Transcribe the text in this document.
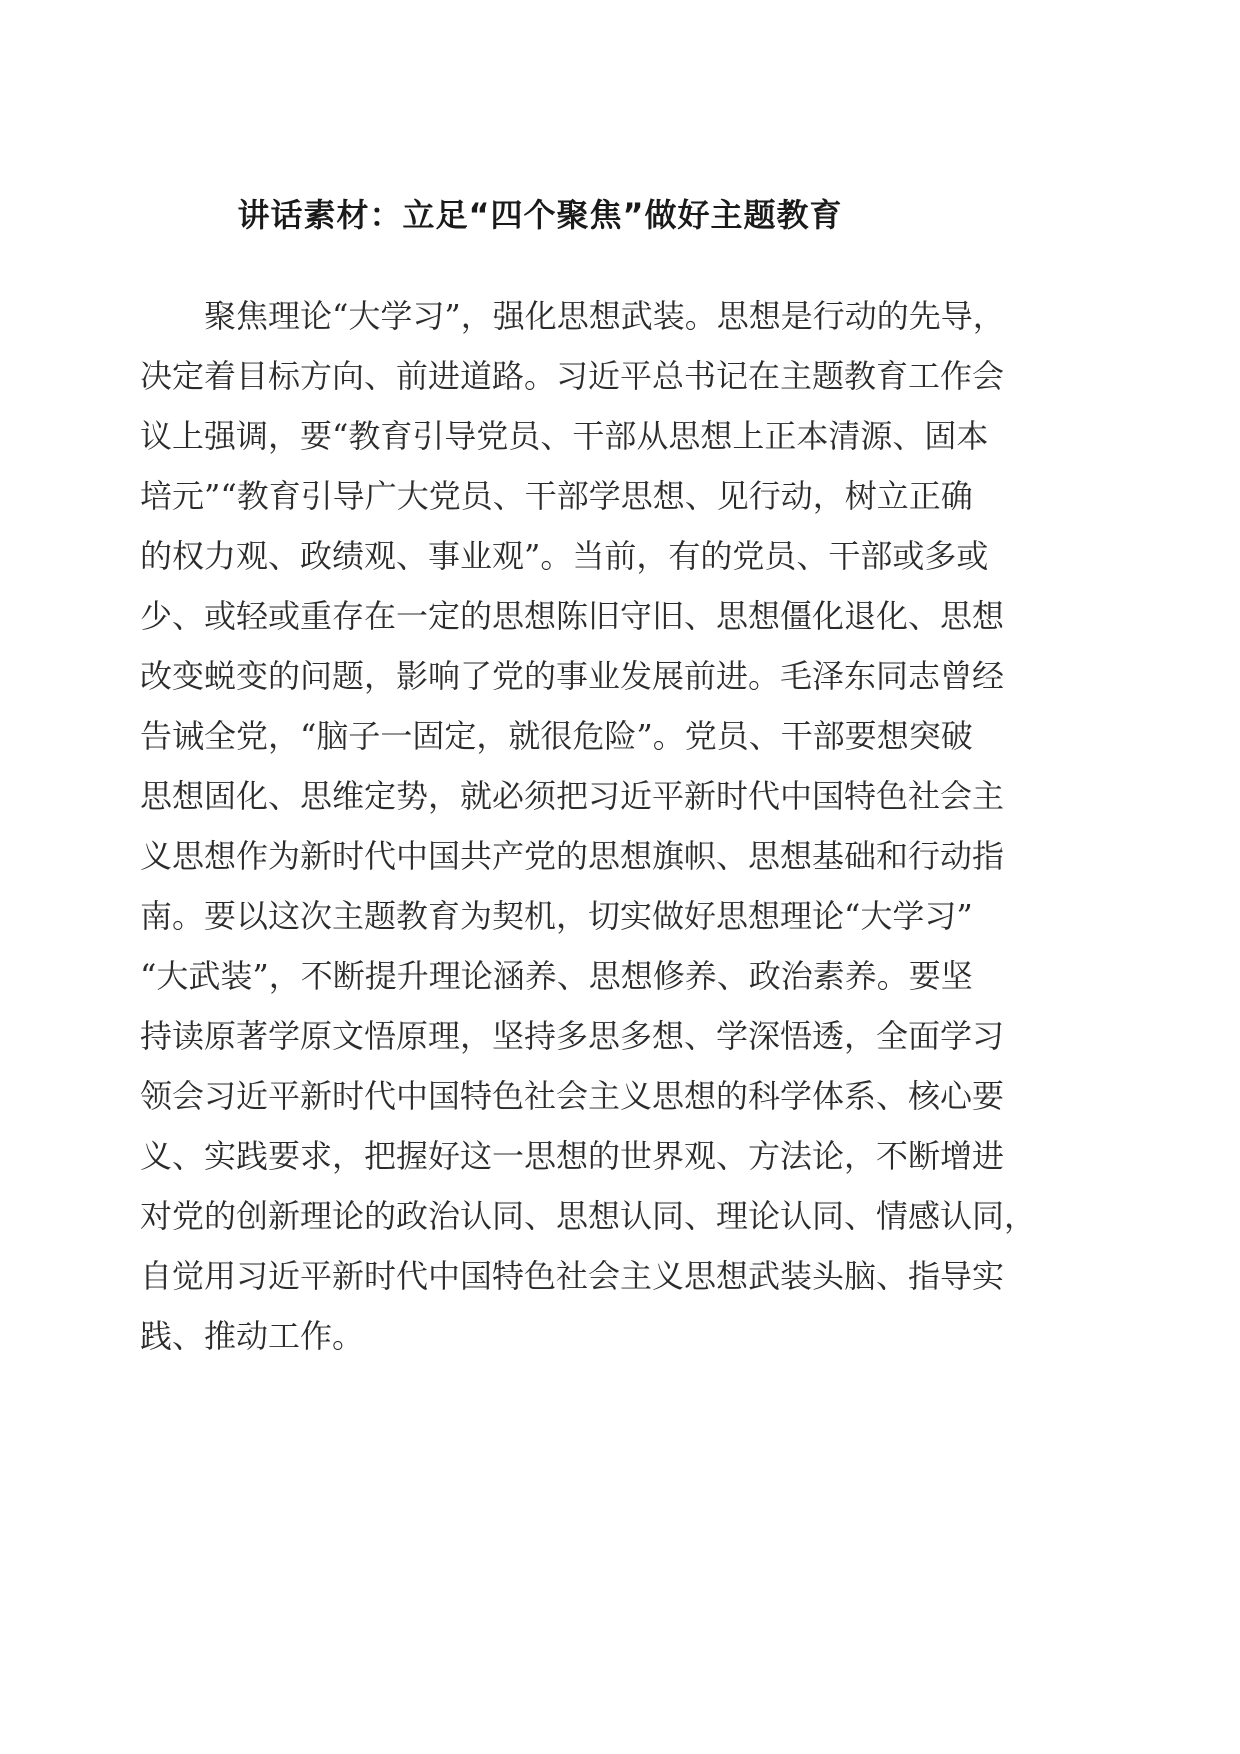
讲话素材：立足“四个聚焦”做好主题教育
聚焦理论“大学习”，强化思想武装。思想是行动的先导，
决定着目标方向、前进道路。习近平总书记在主题教育工作会
议上强调，要“教育引导党员、干部从思想上正本清源、固本
培元”“教育引导广大党员、干部学思想、见行动，树立正确
的权力观、政绩观、事业观”。当前，有的党员、干部或多或
少、或轻或重存在一定的思想陈旧守旧、思想僵化退化、思想
改变蜕变的问题，影响了党的事业发展前进。毛泽东同志曾经
告诫全党，“脑子一固定，就很危险”。党员、干部要想突破
思想固化、思维定势，就必须把习近平新时代中国特色社会主
义思想作为新时代中国共产党的思想旗帜、思想基础和行动指
南。要以这次主题教育为契机，切实做好思想理论“大学习”
“大武装”，不断提升理论涵养、思想修养、政治素养。要坚
持读原著学原文悟原理，坚持多思多想、学深悟透，全面学习
领会习近平新时代中国特色社会主义思想的科学体系、核心要
义、实践要求，把握好这一思想的世界观、方法论，不断增进
对党的创新理论的政治认同、思想认同、理论认同、情感认同，
自觉用习近平新时代中国特色社会主义思想武装头脑、指导实
践、推动工作。
